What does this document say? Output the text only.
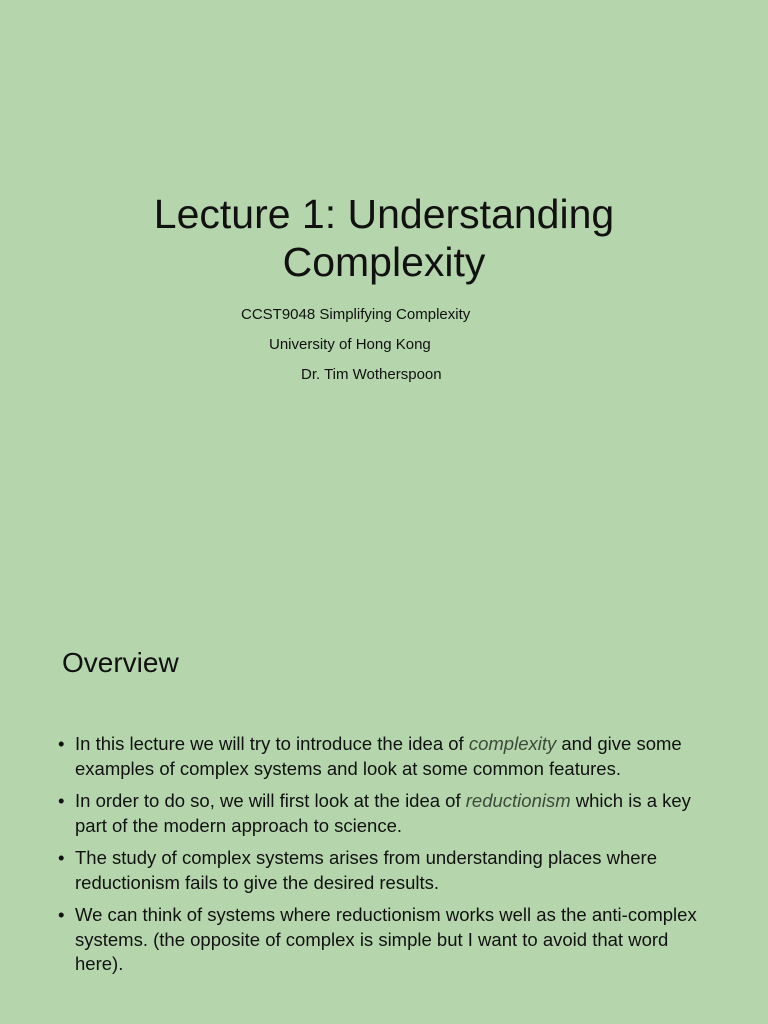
Lecture 1: Understanding
Complexity
CCST9048 Simplifying Complexity
University of Hong Kong
Dr. Tim Wotherspoon
Overview
• In this lecture we will try to introduce the idea of complexity and give some examples of complex systems and look at some common features.
• In order to do so, we will first look at the idea of reductionism which is a key part of the modern approach to science.
• The study of complex systems arises from understanding places where reductionism fails to give the desired results.
• We can think of systems where reductionism works well as the anti-complex systems. (the opposite of complex is simple but I want to avoid that word here).
